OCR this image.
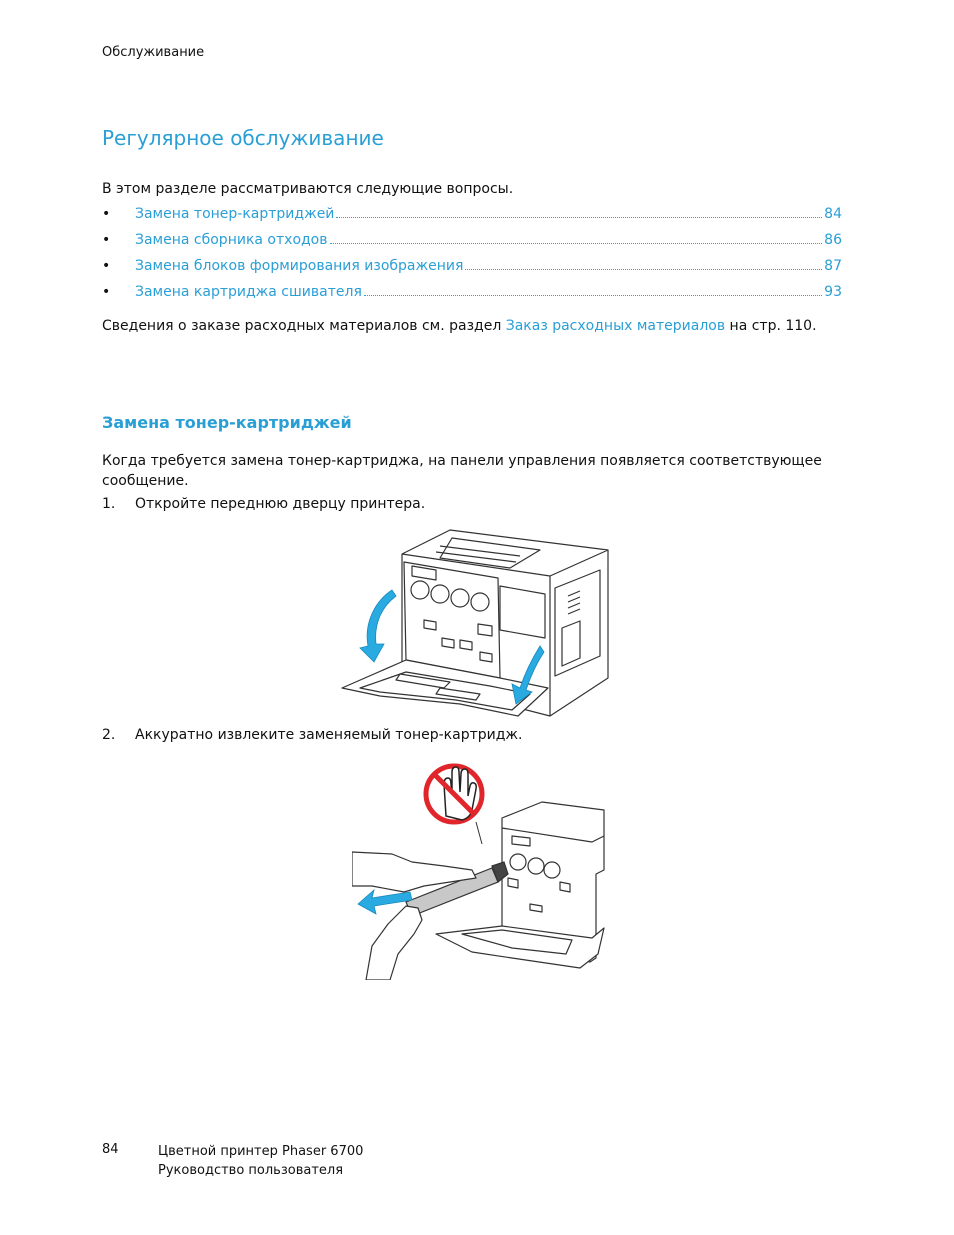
Обслуживание
Регулярное обслуживание
В этом разделе рассматриваются следующие вопросы.
•	Замена тонер-картриджей	84
•	Замена сборника отходов	86
•	Замена блоков формирования изображения	87
•	Замена картриджа сшивателя	93
Сведения о заказе расходных материалов см. раздел Заказ расходных материалов на стр. 110.
Замена тонер-картриджей

Когда требуется замена тонер-картриджа, на панели управления появляется соответствующее сообщение.

1.	Откройте переднюю дверцу принтера.
2.	Аккуратно извлеките заменяемый тонер-картридж.
84	Цветной принтер Phaser 6700
Руководство пользователя
